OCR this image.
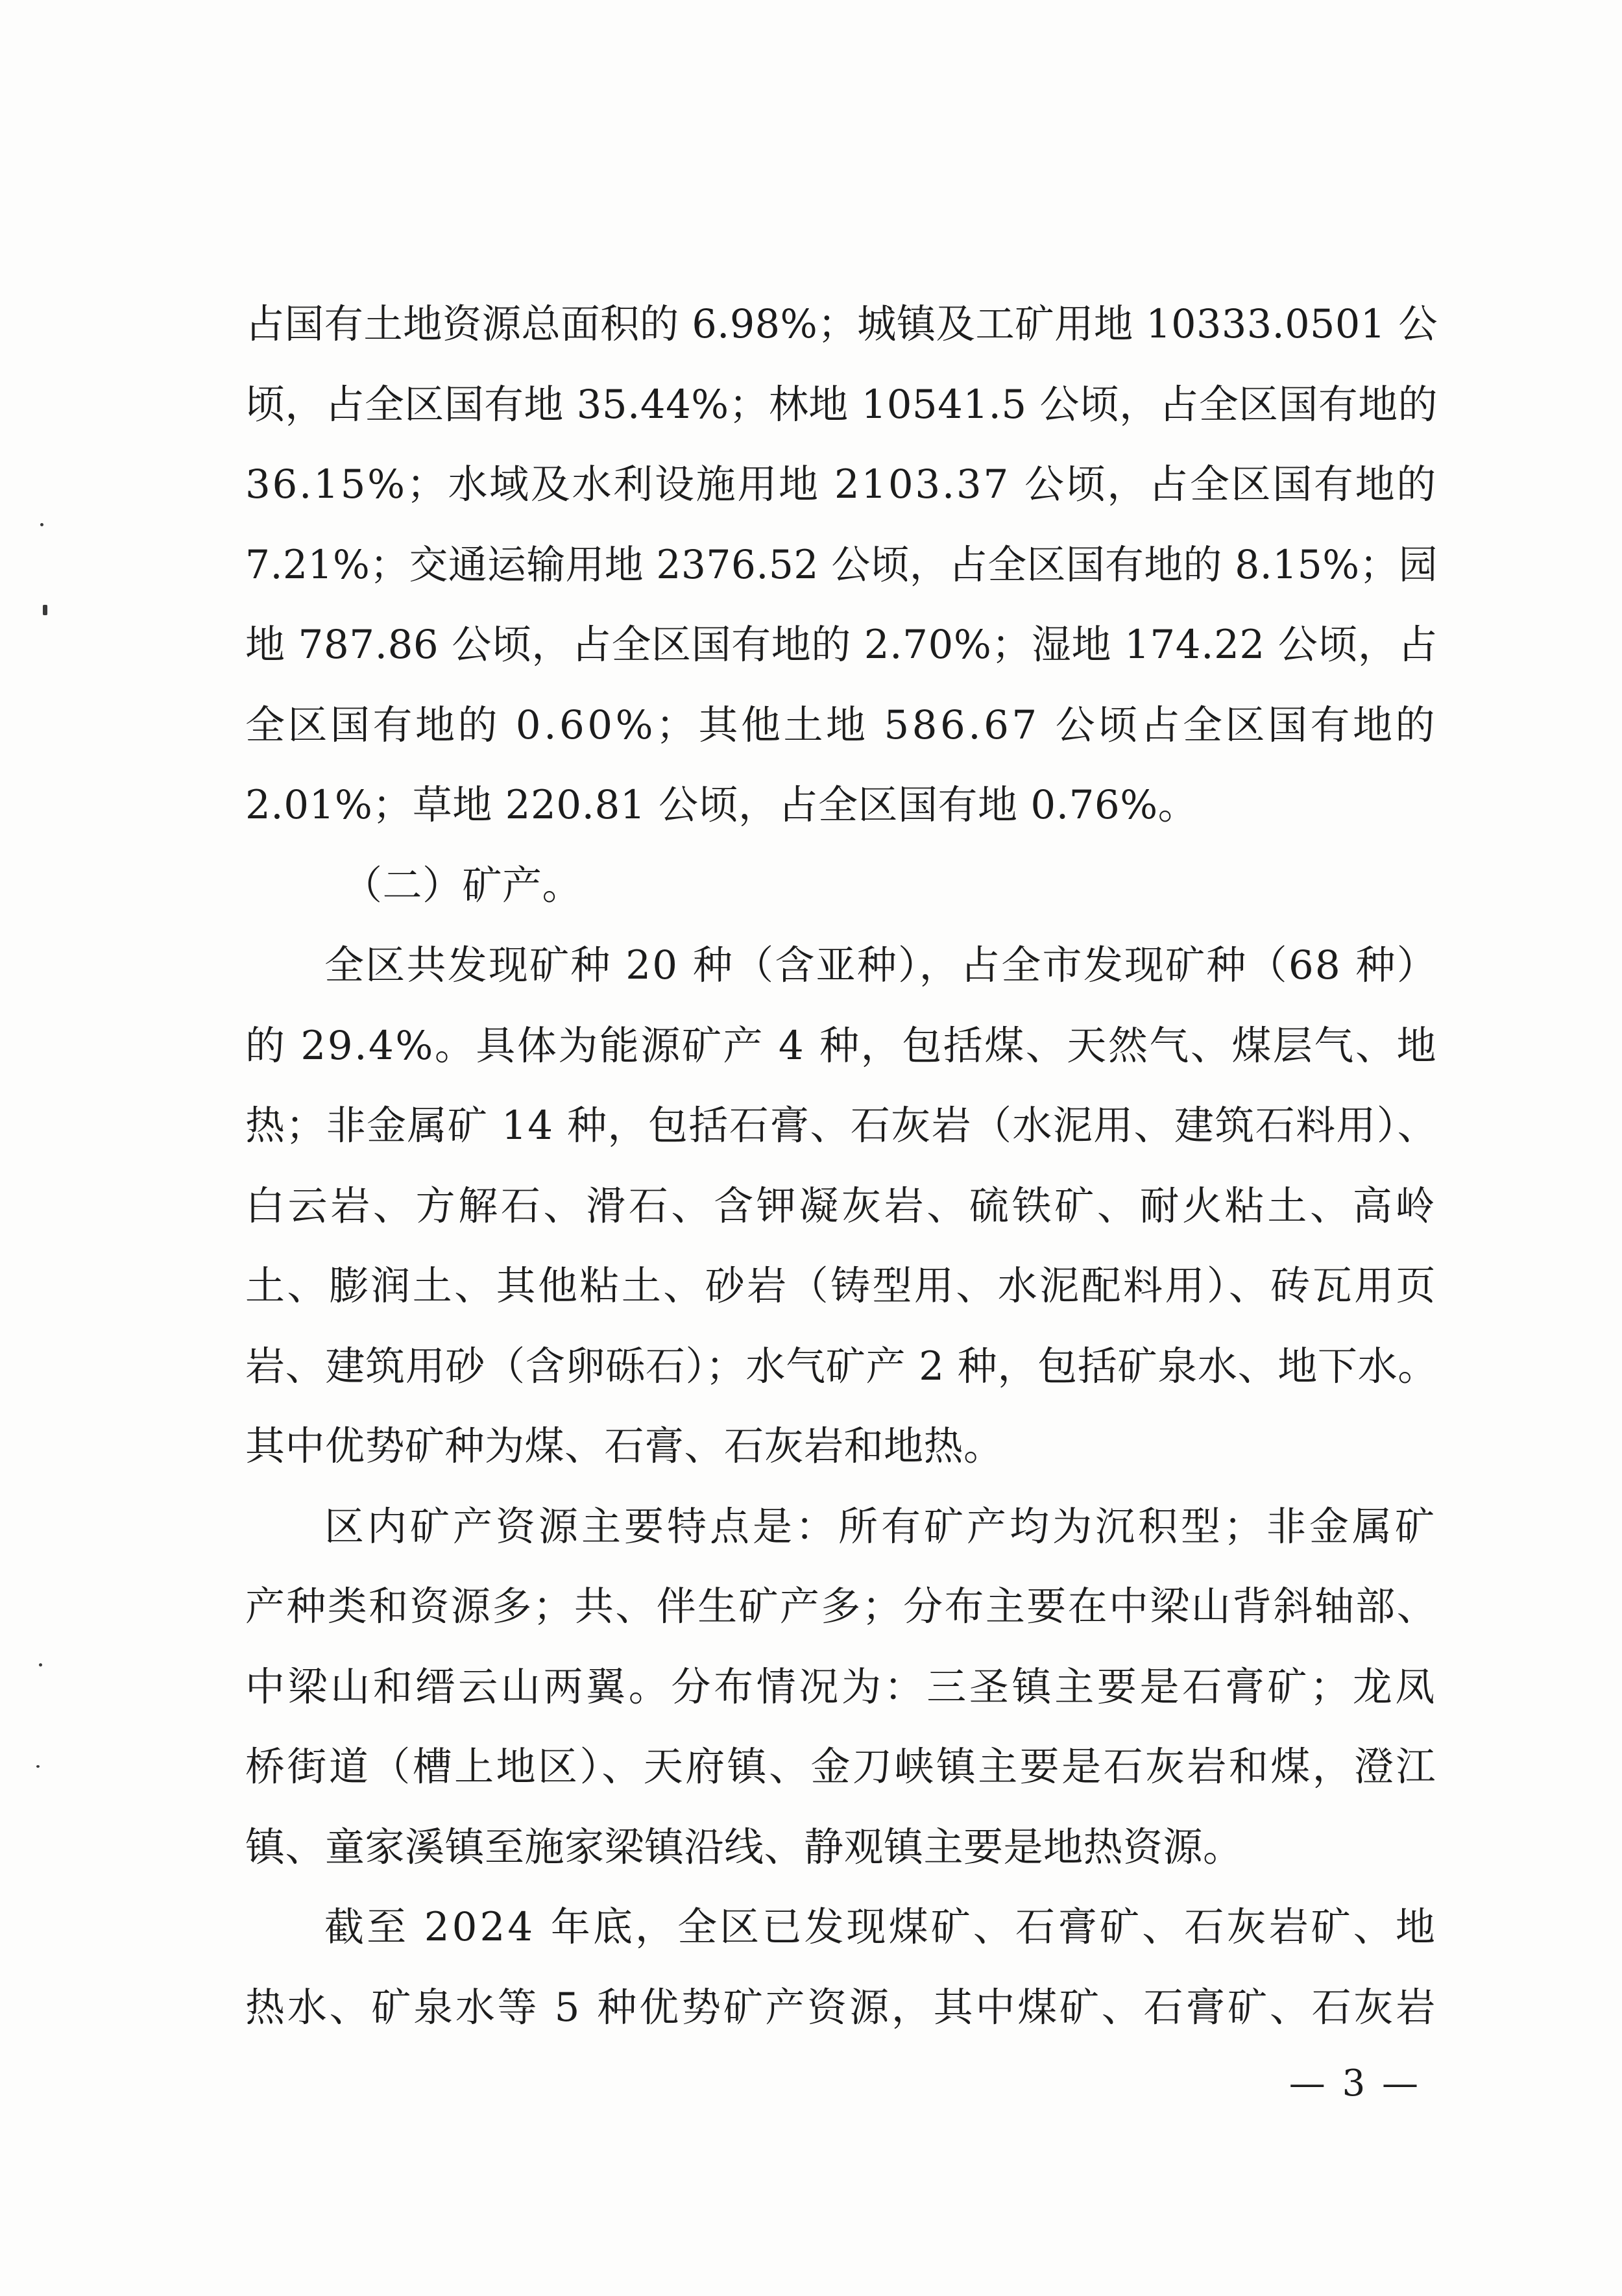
占国有土地资源总面积的 6.98%；城镇及工矿用地 10333.0501 公
顷，占全区国有地 35.44%；林地 10541.5 公顷，占全区国有地的
36.15%；水域及水利设施用地 2103.37 公顷，占全区国有地的
7.21%；交通运输用地 2376.52 公顷，占全区国有地的 8.15%；园
地 787.86 公顷，占全区国有地的 2.70%；湿地 174.22 公顷，占
全区国有地的 0.60%；其他土地 586.67 公顷占全区国有地的
2.01%；草地 220.81 公顷，占全区国有地 0.76%。
（二）矿产。
全区共发现矿种 20 种（含亚种），占全市发现矿种（68 种）
的 29.4%。具体为能源矿产 4 种，包括煤、天然气、煤层气、地
热；非金属矿 14 种，包括石膏、石灰岩（水泥用、建筑石料用）、
白云岩、方解石、滑石、含钾凝灰岩、硫铁矿、耐火粘土、高岭
土、膨润土、其他粘土、砂岩（铸型用、水泥配料用）、砖瓦用页
岩、建筑用砂（含卵砾石）；水气矿产 2 种，包括矿泉水、地下水。
其中优势矿种为煤、石膏、石灰岩和地热。
区内矿产资源主要特点是：所有矿产均为沉积型；非金属矿
产种类和资源多；共、伴生矿产多；分布主要在中梁山背斜轴部、
中梁山和缙云山两翼。分布情况为：三圣镇主要是石膏矿；龙凤
桥街道（槽上地区）、天府镇、金刀峡镇主要是石灰岩和煤，澄江
镇、童家溪镇至施家梁镇沿线、静观镇主要是地热资源。
截至 2024 年底，全区已发现煤矿、石膏矿、石灰岩矿、地
热水、矿泉水等 5 种优势矿产资源，其中煤矿、石膏矿、石灰岩
— 3 —
